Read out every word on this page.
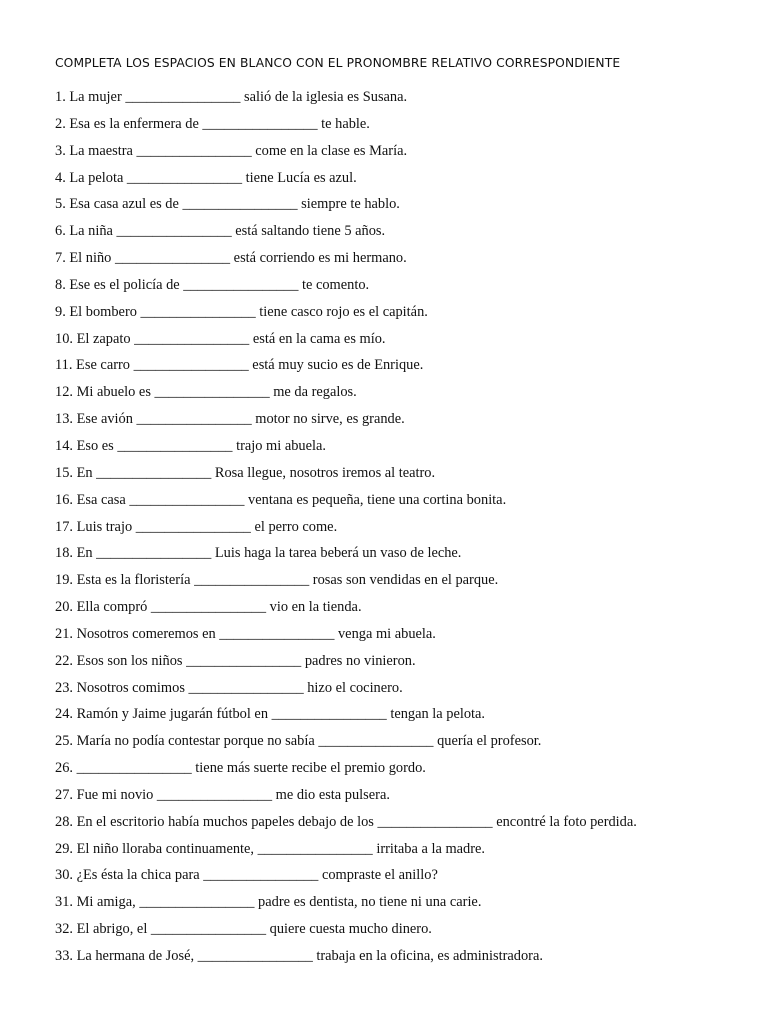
COMPLETA LOS ESPACIOS EN BLANCO CON EL PRONOMBRE RELATIVO CORRESPONDIENTE
1. La mujer ________________ salió de la iglesia es Susana.
2. Esa es la enfermera de ________________ te hable.
3. La maestra ________________ come en la clase es María.
4. La pelota ________________ tiene Lucía es azul.
5. Esa casa azul es de ________________ siempre te hablo.
6. La niña ________________ está saltando tiene 5 años.
7. El niño ________________ está corriendo es mi hermano.
8. Ese es el policía de ________________ te comento.
9. El bombero ________________ tiene casco rojo es el capitán.
10. El zapato ________________ está en la cama es mío.
11. Ese carro ________________ está muy sucio es de Enrique.
12. Mi abuelo es ________________ me da regalos.
13. Ese avión ________________ motor no sirve, es grande.
14. Eso es ________________ trajo mi abuela.
15. En ________________ Rosa llegue, nosotros iremos al teatro.
16. Esa casa ________________ ventana es pequeña, tiene una cortina bonita.
17. Luis trajo ________________ el perro come.
18. En ________________ Luis haga la tarea beberá un vaso de leche.
19. Esta es la floristería ________________ rosas son vendidas en el parque.
20. Ella compró ________________ vio en la tienda.
21. Nosotros comeremos en ________________ venga mi abuela.
22. Esos son los niños ________________ padres no vinieron.
23. Nosotros comimos ________________ hizo el cocinero.
24. Ramón y Jaime jugarán fútbol en ________________ tengan la pelota.
25. María no podía contestar porque no sabía ________________ quería el profesor.
26. ________________ tiene más suerte recibe el premio gordo.
27. Fue mi novio ________________ me dio esta pulsera.
28. En el escritorio había muchos papeles debajo de los ________________ encontré la foto perdida.
29. El niño lloraba continuamente, ________________ irritaba a la madre.
30. ¿Es ésta la chica para ________________ compraste el anillo?
31. Mi amiga, ________________ padre es dentista, no tiene ni una carie.
32. El abrigo, el ________________ quiere cuesta mucho dinero.
33. La hermana de José, ________________ trabaja en la oficina, es administradora.
